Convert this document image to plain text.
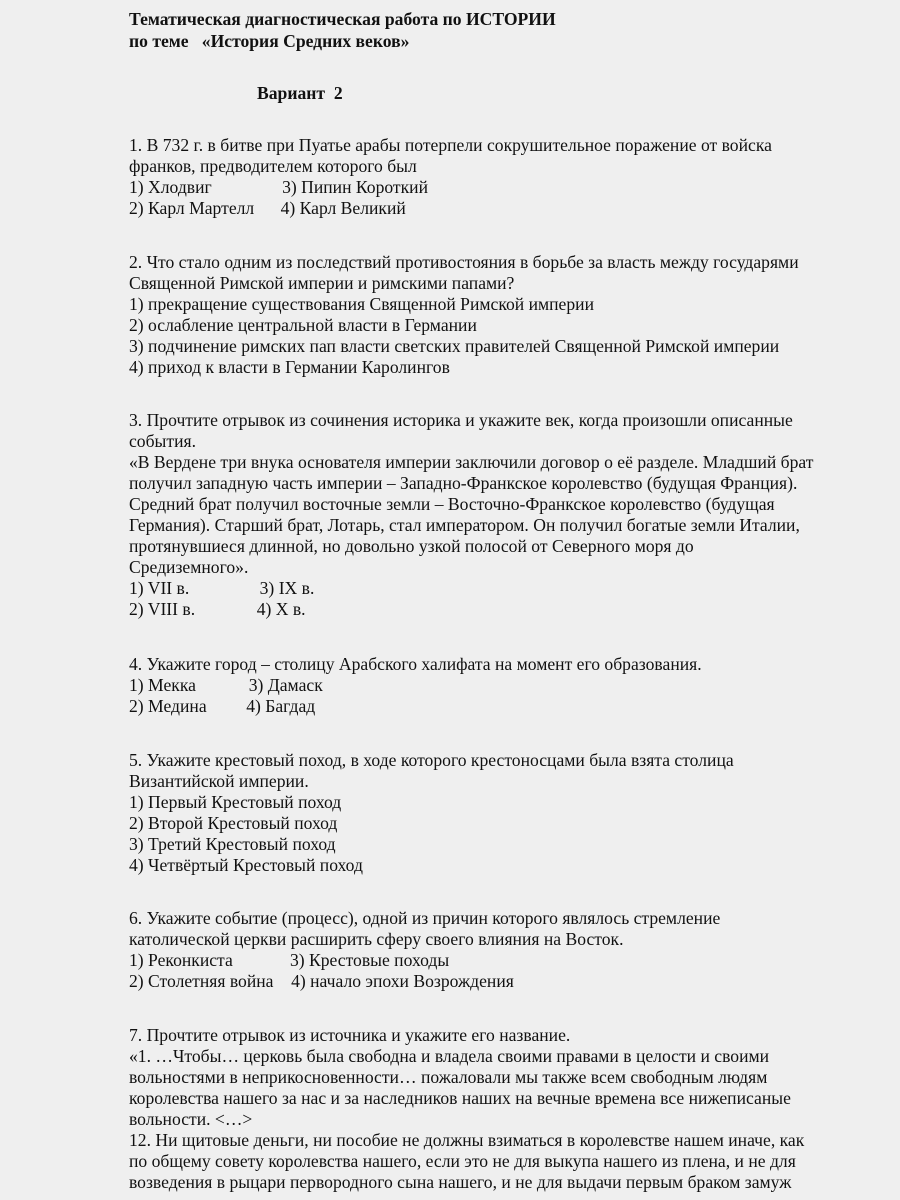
Тематическая диагностическая работа по ИСТОРИИ
по теме   «История Средних веков»
Вариант  2
1. В 732 г. в битве при Пуатье арабы потерпели сокрушительное поражение от войска
франков, предводителем которого был
1) Хлодвиг                3) Пипин Короткий
2) Карл Мартелл      4) Карл Великий
2. Что стало одним из последствий противостояния в борьбе за власть между государями
Священной Римской империи и римскими папами?
1) прекращение существования Священной Римской империи
2) ослабление центральной власти в Германии
3) подчинение римских пап власти светских правителей Священной Римской империи
4) приход к власти в Германии Каролингов
3. Прочтите отрывок из сочинения историка и укажите век, когда произошли описанные
события.
«В Вердене три внука основателя империи заключили договор о её разделе. Младший брат
получил западную часть империи – Западно-Франкское королевство (будущая Франция).
Средний брат получил восточные земли – Восточно-Франкское королевство (будущая
Германия). Старший брат, Лотарь, стал императором. Он получил богатые земли Италии,
протянувшиеся длинной, но довольно узкой полосой от Северного моря до
Средиземного».
1) VII в.                3) IX в.
2) VIII в.              4) X в.
4. Укажите город – столицу Арабского халифата на момент его образования.
1) Мекка            3) Дамаск
2) Медина         4) Багдад
5. Укажите крестовый поход, в ходе которого крестоносцами была взята столица
Византийской империи.
1) Первый Крестовый поход
2) Второй Крестовый поход
3) Третий Крестовый поход
4) Четвёртый Крестовый поход
6. Укажите событие (процесс), одной из причин которого являлось стремление
католической церкви расширить сферу своего влияния на Восток.
1) Реконкиста             3) Крестовые походы
2) Столетняя война    4) начало эпохи Возрождения
7. Прочтите отрывок из источника и укажите его название.
«1. …Чтобы… церковь была свободна и владела своими правами в целости и своими
вольностями в неприкосновенности… пожаловали мы также всем свободным людям
королевства нашего за нас и за наследников наших на вечные времена все нижеписаные
вольности. <…>
12. Ни щитовые деньги, ни пособие не должны взиматься в королевстве нашем иначе, как
по общему совету королевства нашего, если это не для выкупа нашего из плена, и не для
возведения в рыцари первородного сына нашего, и не для выдачи первым браком замуж
